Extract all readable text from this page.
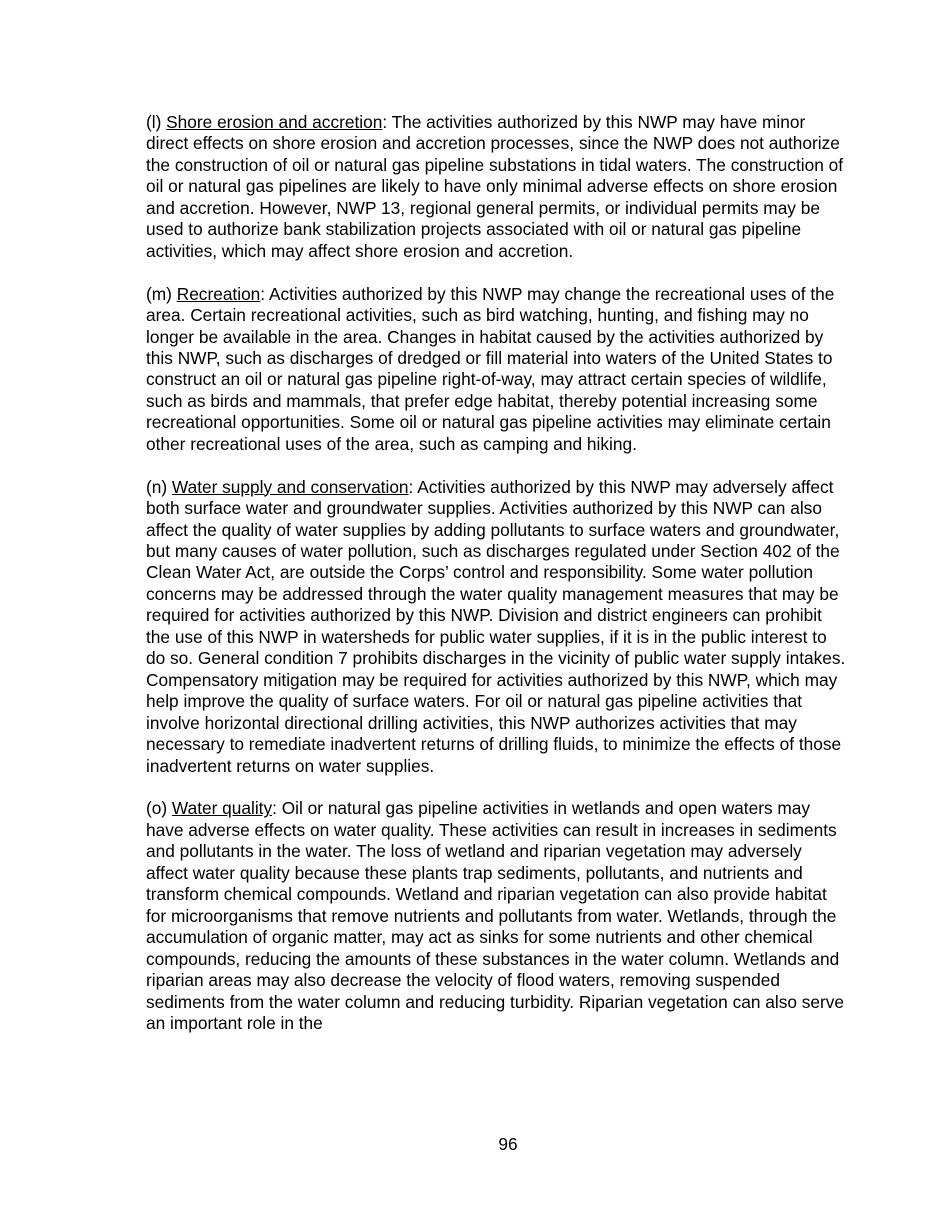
(l) Shore erosion and accretion: The activities authorized by this NWP may have minor direct effects on shore erosion and accretion processes, since the NWP does not authorize the construction of oil or natural gas pipeline substations in tidal waters. The construction of oil or natural gas pipelines are likely to have only minimal adverse effects on shore erosion and accretion. However, NWP 13, regional general permits, or individual permits may be used to authorize bank stabilization projects associated with oil or natural gas pipeline activities, which may affect shore erosion and accretion.

(m) Recreation: Activities authorized by this NWP may change the recreational uses of the area. Certain recreational activities, such as bird watching, hunting, and fishing may no longer be available in the area. Changes in habitat caused by the activities authorized by this NWP, such as discharges of dredged or fill material into waters of the United States to construct an oil or natural gas pipeline right-of-way, may attract certain species of wildlife, such as birds and mammals, that prefer edge habitat, thereby potential increasing some recreational opportunities. Some oil or natural gas pipeline activities may eliminate certain other recreational uses of the area, such as camping and hiking.

(n) Water supply and conservation: Activities authorized by this NWP may adversely affect both surface water and groundwater supplies. Activities authorized by this NWP can also affect the quality of water supplies by adding pollutants to surface waters and groundwater, but many causes of water pollution, such as discharges regulated under Section 402 of the Clean Water Act, are outside the Corps’ control and responsibility. Some water pollution concerns may be addressed through the water quality management measures that may be required for activities authorized by this NWP. Division and district engineers can prohibit the use of this NWP in watersheds for public water supplies, if it is in the public interest to do so. General condition 7 prohibits discharges in the vicinity of public water supply intakes. Compensatory mitigation may be required for activities authorized by this NWP, which may help improve the quality of surface waters. For oil or natural gas pipeline activities that involve horizontal directional drilling activities, this NWP authorizes activities that may necessary to remediate inadvertent returns of drilling fluids, to minimize the effects of those inadvertent returns on water supplies.

(o) Water quality: Oil or natural gas pipeline activities in wetlands and open waters may have adverse effects on water quality. These activities can result in increases in sediments and pollutants in the water. The loss of wetland and riparian vegetation may adversely affect water quality because these plants trap sediments, pollutants, and nutrients and transform chemical compounds. Wetland and riparian vegetation can also provide habitat for microorganisms that remove nutrients and pollutants from water. Wetlands, through the accumulation of organic matter, may act as sinks for some nutrients and other chemical compounds, reducing the amounts of these substances in the water column. Wetlands and riparian areas may also decrease the velocity of flood waters, removing suspended sediments from the water column and reducing turbidity. Riparian vegetation can also serve an important role in the

96
